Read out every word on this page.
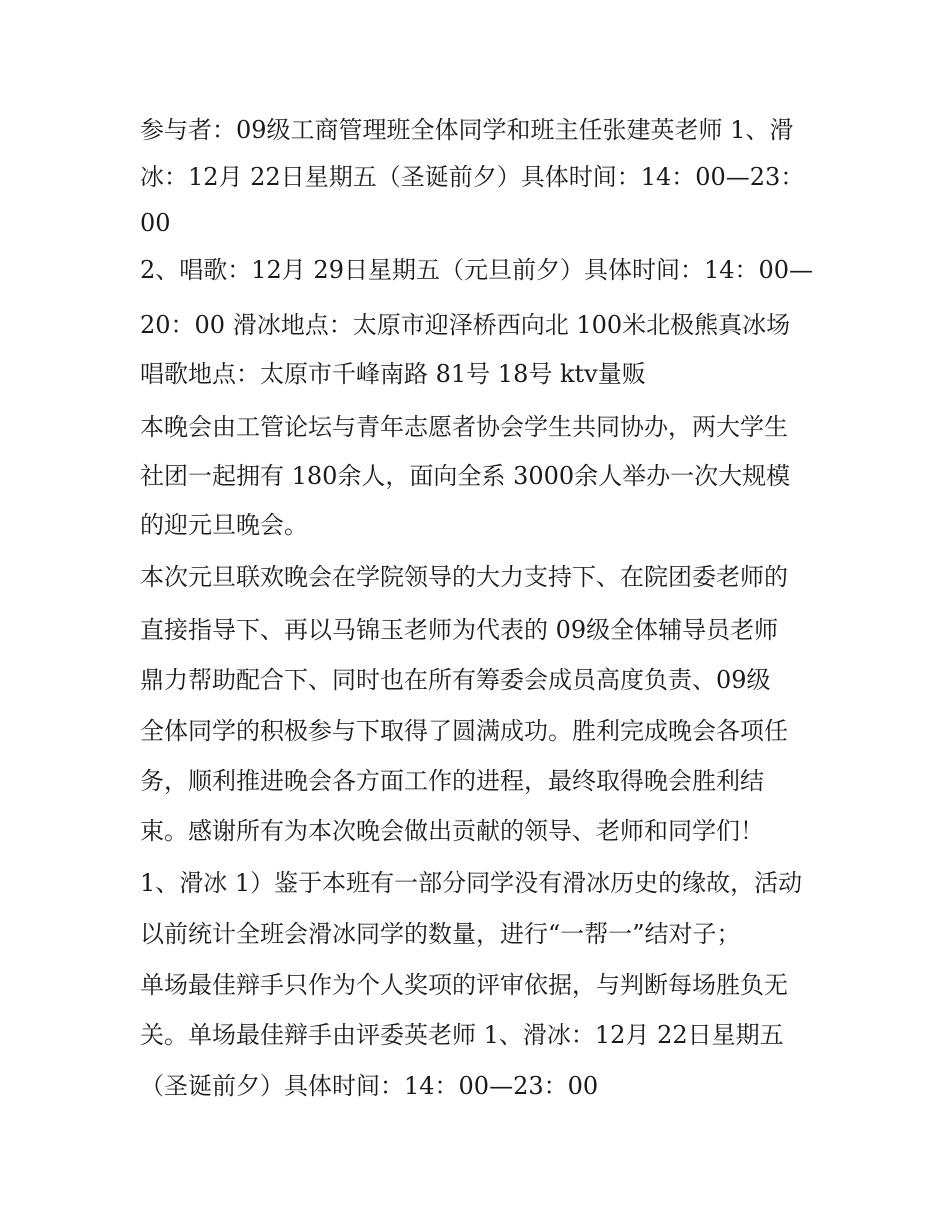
参与者：09级工商管理班全体同学和班主任张建英老师 1、滑
冰：12月 22日星期五（圣诞前夕）具体时间：14：00—23：
00
2、唱歌：12月 29日星期五（元旦前夕）具体时间：14：00—
20：00 滑冰地点：太原市迎泽桥西向北 100米北极熊真冰场
唱歌地点：太原市千峰南路 81号 18号 ktv量贩
本晚会由工管论坛与青年志愿者协会学生共同协办，两大学生
社团一起拥有 180余人，面向全系 3000余人举办一次大规模
的迎元旦晚会。
本次元旦联欢晚会在学院领导的大力支持下、在院团委老师的
直接指导下、再以马锦玉老师为代表的 09级全体辅导员老师
鼎力帮助配合下、同时也在所有筹委会成员高度负责、09级
全体同学的积极参与下取得了圆满成功。胜利完成晚会各项任
务，顺利推进晚会各方面工作的进程，最终取得晚会胜利结
束。感谢所有为本次晚会做出贡献的领导、老师和同学们！
1、滑冰 1）鉴于本班有一部分同学没有滑冰历史的缘故，活动
以前统计全班会滑冰同学的数量，进行“一帮一”结对子；
单场最佳辩手只作为个人奖项的评审依据，与判断每场胜负无
关。单场最佳辩手由评委英老师 1、滑冰：12月 22日星期五
（圣诞前夕）具体时间：14：00—23：00
